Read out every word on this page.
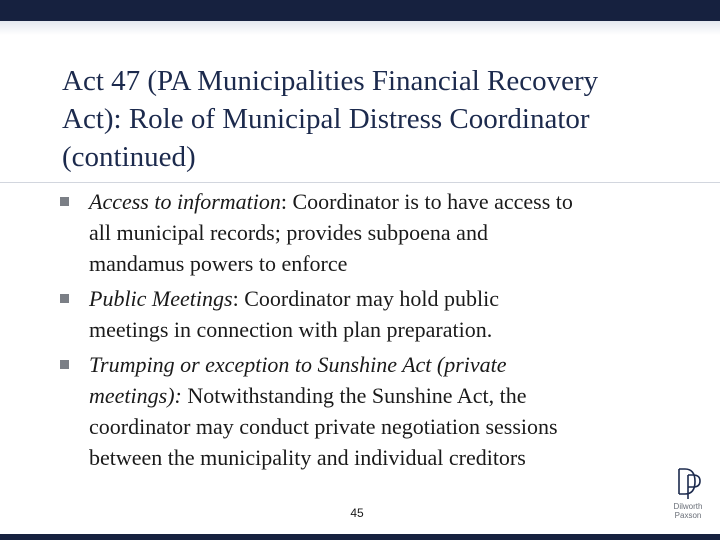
Act 47 (PA Municipalities Financial Recovery
Act): Role of Municipal Distress Coordinator
(continued)
Access to information: Coordinator is to have access to
all municipal records; provides subpoena and
mandamus powers to enforce
Public Meetings: Coordinator may hold public
meetings in connection with plan preparation.
Trumping or exception to Sunshine Act (private
meetings): Notwithstanding the Sunshine Act, the
coordinator may conduct private negotiation sessions
between the municipality and individual creditors
45	Dilworth
Paxson
